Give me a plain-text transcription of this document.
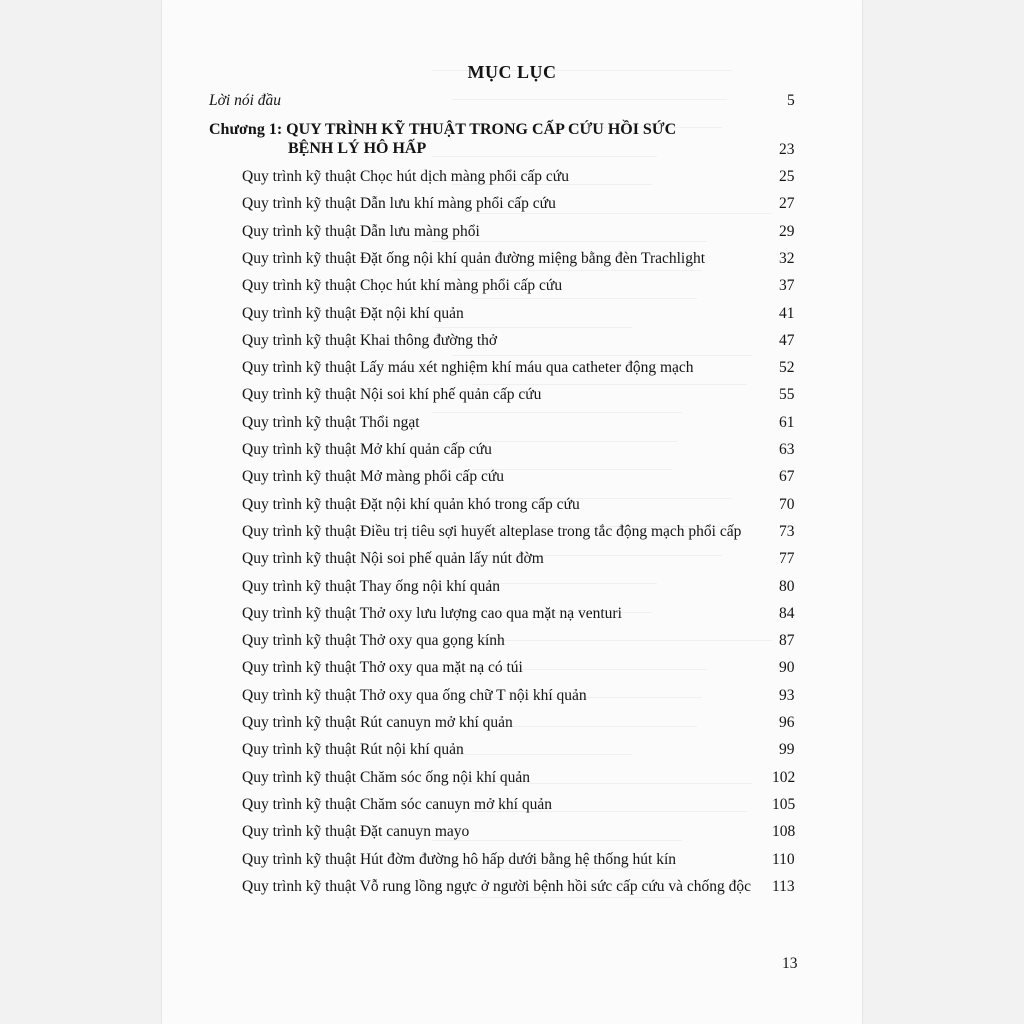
MỤC LỤC
Lời nói đầu	5
Chương 1: QUY TRÌNH KỸ THUẬT TRONG CẤP CỨU HỒI SỨC
BỆNH LÝ HÔ HẤP	23
Quy trình kỹ thuật Chọc hút dịch màng phổi cấp cứu	25
Quy trình kỹ thuật Dẫn lưu khí màng phổi cấp cứu	27
Quy trình kỹ thuật Dẫn lưu màng phổi	29
Quy trình kỹ thuật Đặt ống nội khí quản đường miệng bằng đèn Trachlight	32
Quy trình kỹ thuật Chọc hút khí màng phổi cấp cứu	37
Quy trình kỹ thuật Đặt nội khí quản	41
Quy trình kỹ thuật Khai thông đường thở	47
Quy trình kỹ thuật Lấy máu xét nghiệm khí máu qua catheter động mạch	52
Quy trình kỹ thuật Nội soi khí phế quản cấp cứu	55
Quy trình kỹ thuật Thổi ngạt	61
Quy trình kỹ thuật Mở khí quản cấp cứu	63
Quy trình kỹ thuật Mở màng phổi cấp cứu	67
Quy trình kỹ thuật Đặt nội khí quản khó trong cấp cứu	70
Quy trình kỹ thuật Điều trị tiêu sợi huyết alteplase trong tắc động mạch phổi cấp 73
Quy trình kỹ thuật Nội soi phế quản lấy nút đờm	77
Quy trình kỹ thuật Thay ống nội khí quản	80
Quy trình kỹ thuật Thở oxy lưu lượng cao qua mặt nạ venturi	84
Quy trình kỹ thuật Thở oxy qua gọng kính	87
Quy trình kỹ thuật Thở oxy qua mặt nạ có túi	90
Quy trình kỹ thuật Thở oxy qua ống chữ T nội khí quản	93
Quy trình kỹ thuật Rút canuyn mở khí quản	96
Quy trình kỹ thuật Rút nội khí quản	99
Quy trình kỹ thuật Chăm sóc ống nội khí quản	102
Quy trình kỹ thuật Chăm sóc canuyn mở khí quản	105
Quy trình kỹ thuật Đặt canuyn mayo	108
Quy trình kỹ thuật Hút đờm đường hô hấp dưới bằng hệ thống hút kín	110
Quy trình kỹ thuật Vỗ rung lồng ngực ở người bệnh hồi sức cấp cứu và chống độc 113
13
